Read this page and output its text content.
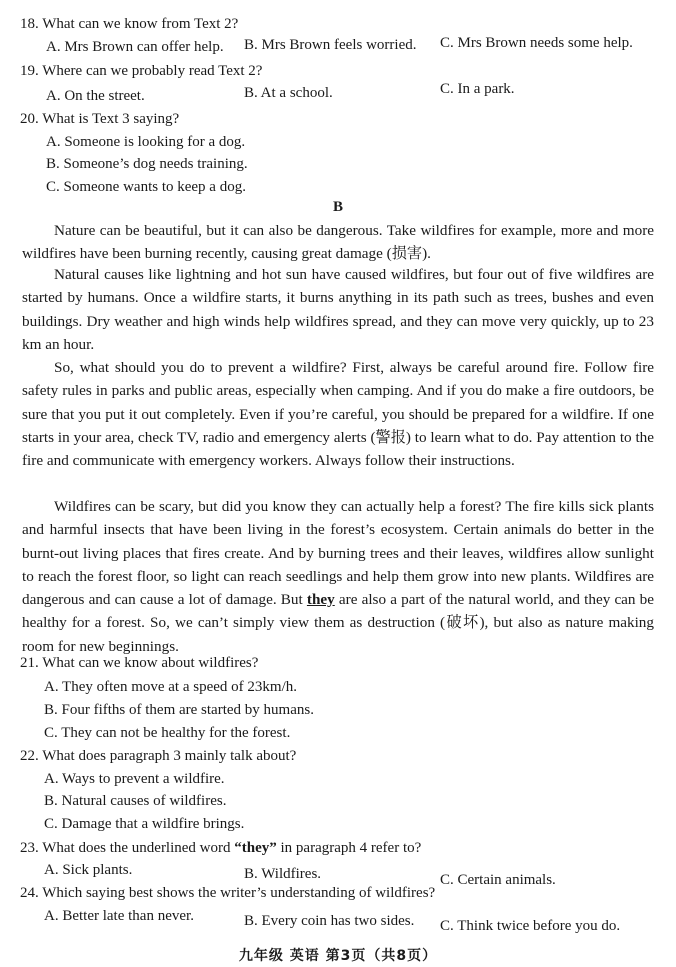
18. What can we know from Text 2?
A. Mrs Brown can offer help. B. Mrs Brown feels worried. C. Mrs Brown needs some help.
19. Where can we probably read Text 2?
A. On the street.	B. At a school.	C. In a park.
20. What is Text 3 saying?
A. Someone is looking for a dog.
B. Someone’s dog needs training.
C. Someone wants to keep a dog.
B
Nature can be beautiful, but it can also be dangerous. Take wildfires for example, more and more wildfires have been burning recently, causing great damage (损害).
Natural causes like lightning and hot sun have caused wildfires, but four out of five wildfires are started by humans. Once a wildfire starts, it burns anything in its path such as trees, bushes and even buildings. Dry weather and high winds help wildfires spread, and they can move very quickly, up to 23 km an hour.
So, what should you do to prevent a wildfire? First, always be careful around fire. Follow fire safety rules in parks and public areas, especially when camping. And if you do make a fire outdoors, be sure that you put it out completely. Even if you’re careful, you should be prepared for a wildfire. If one starts in your area, check TV, radio and emergency alerts (警报) to learn what to do. Pay attention to the fire and communicate with emergency workers. Always follow their instructions.
Wildfires can be scary, but did you know they can actually help a forest? The fire kills sick plants and harmful insects that have been living in the forest’s ecosystem. Certain animals do better in the burnt-out living places that fires create. And by burning trees and their leaves, wildfires allow sunlight to reach the forest floor, so light can reach seedlings and help them grow into new plants. Wildfires are dangerous and can cause a lot of damage. But they are also a part of the natural world, and they can be healthy for a forest. So, we can’t simply view them as destruction (破坏), but also as nature making room for new beginnings.
21. What can we know about wildfires?
A. They often move at a speed of 23km/h.
B. Four fifths of them are started by humans.
C. They can not be healthy for the forest.
22. What does paragraph 3 mainly talk about?
A. Ways to prevent a wildfire.
B. Natural causes of wildfires.
C. Damage that a wildfire brings.
23. What does the underlined word “they” in paragraph 4 refer to?
A. Sick plants.	B. Wildfires.	C. Certain animals.
24. Which saying best shows the writer’s understanding of wildfires?
A. Better late than never.	B. Every coin has two sides. C. Think twice before you do.
九年级 英语 第3页（共8页）
